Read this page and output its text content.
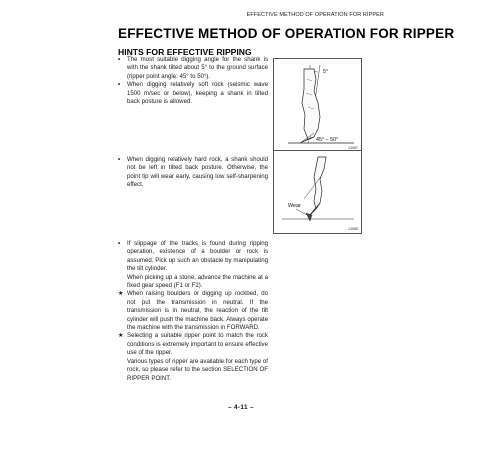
EFFECTIVE METHOD OF OPERATION FOR RIPPER
EFFECTIVE METHOD OF OPERATION FOR RIPPER
HINTS FOR EFFECTIVE RIPPING
• The most suitable digging angle for the shank is with the shank tilted about 5° to the ground surface (ripper point angle: 45° to 50°).
• When digging relatively soft rock (seismic wave 1500 m/sec or below), keeping a shank in tilted back posture is allowed.
5°
45° – 50°
13087
• When digging relatively hard rock, a shank should not be left in tilted back posture. Otherwise, the point tip will wear early, causing low self-sharpening effect.
Wear
13086
• If slippage of the tracks is found during ripping operation, existence of a boulder or rock is assumed. Pick up such an obstacle by manipulating the tilt cylinder.
When picking up a stone, advance the machine at a fixed gear speed (F1 or F2).
★ When raising boulders or digging up rockbed, do not put the transmission in neutral. If the transmission is in neutral, the reaction of the tilt cylinder will push the machine back. Always operate the machine with the transmission in FORWARD.
★ Selecting a suitable ripper point to match the rock conditions is extremely important to ensure effective use of the ripper.
Various types of ripper are available for each type of rock, so please refer to the section SELECTION OF RIPPER POINT.
– 4-11 –
